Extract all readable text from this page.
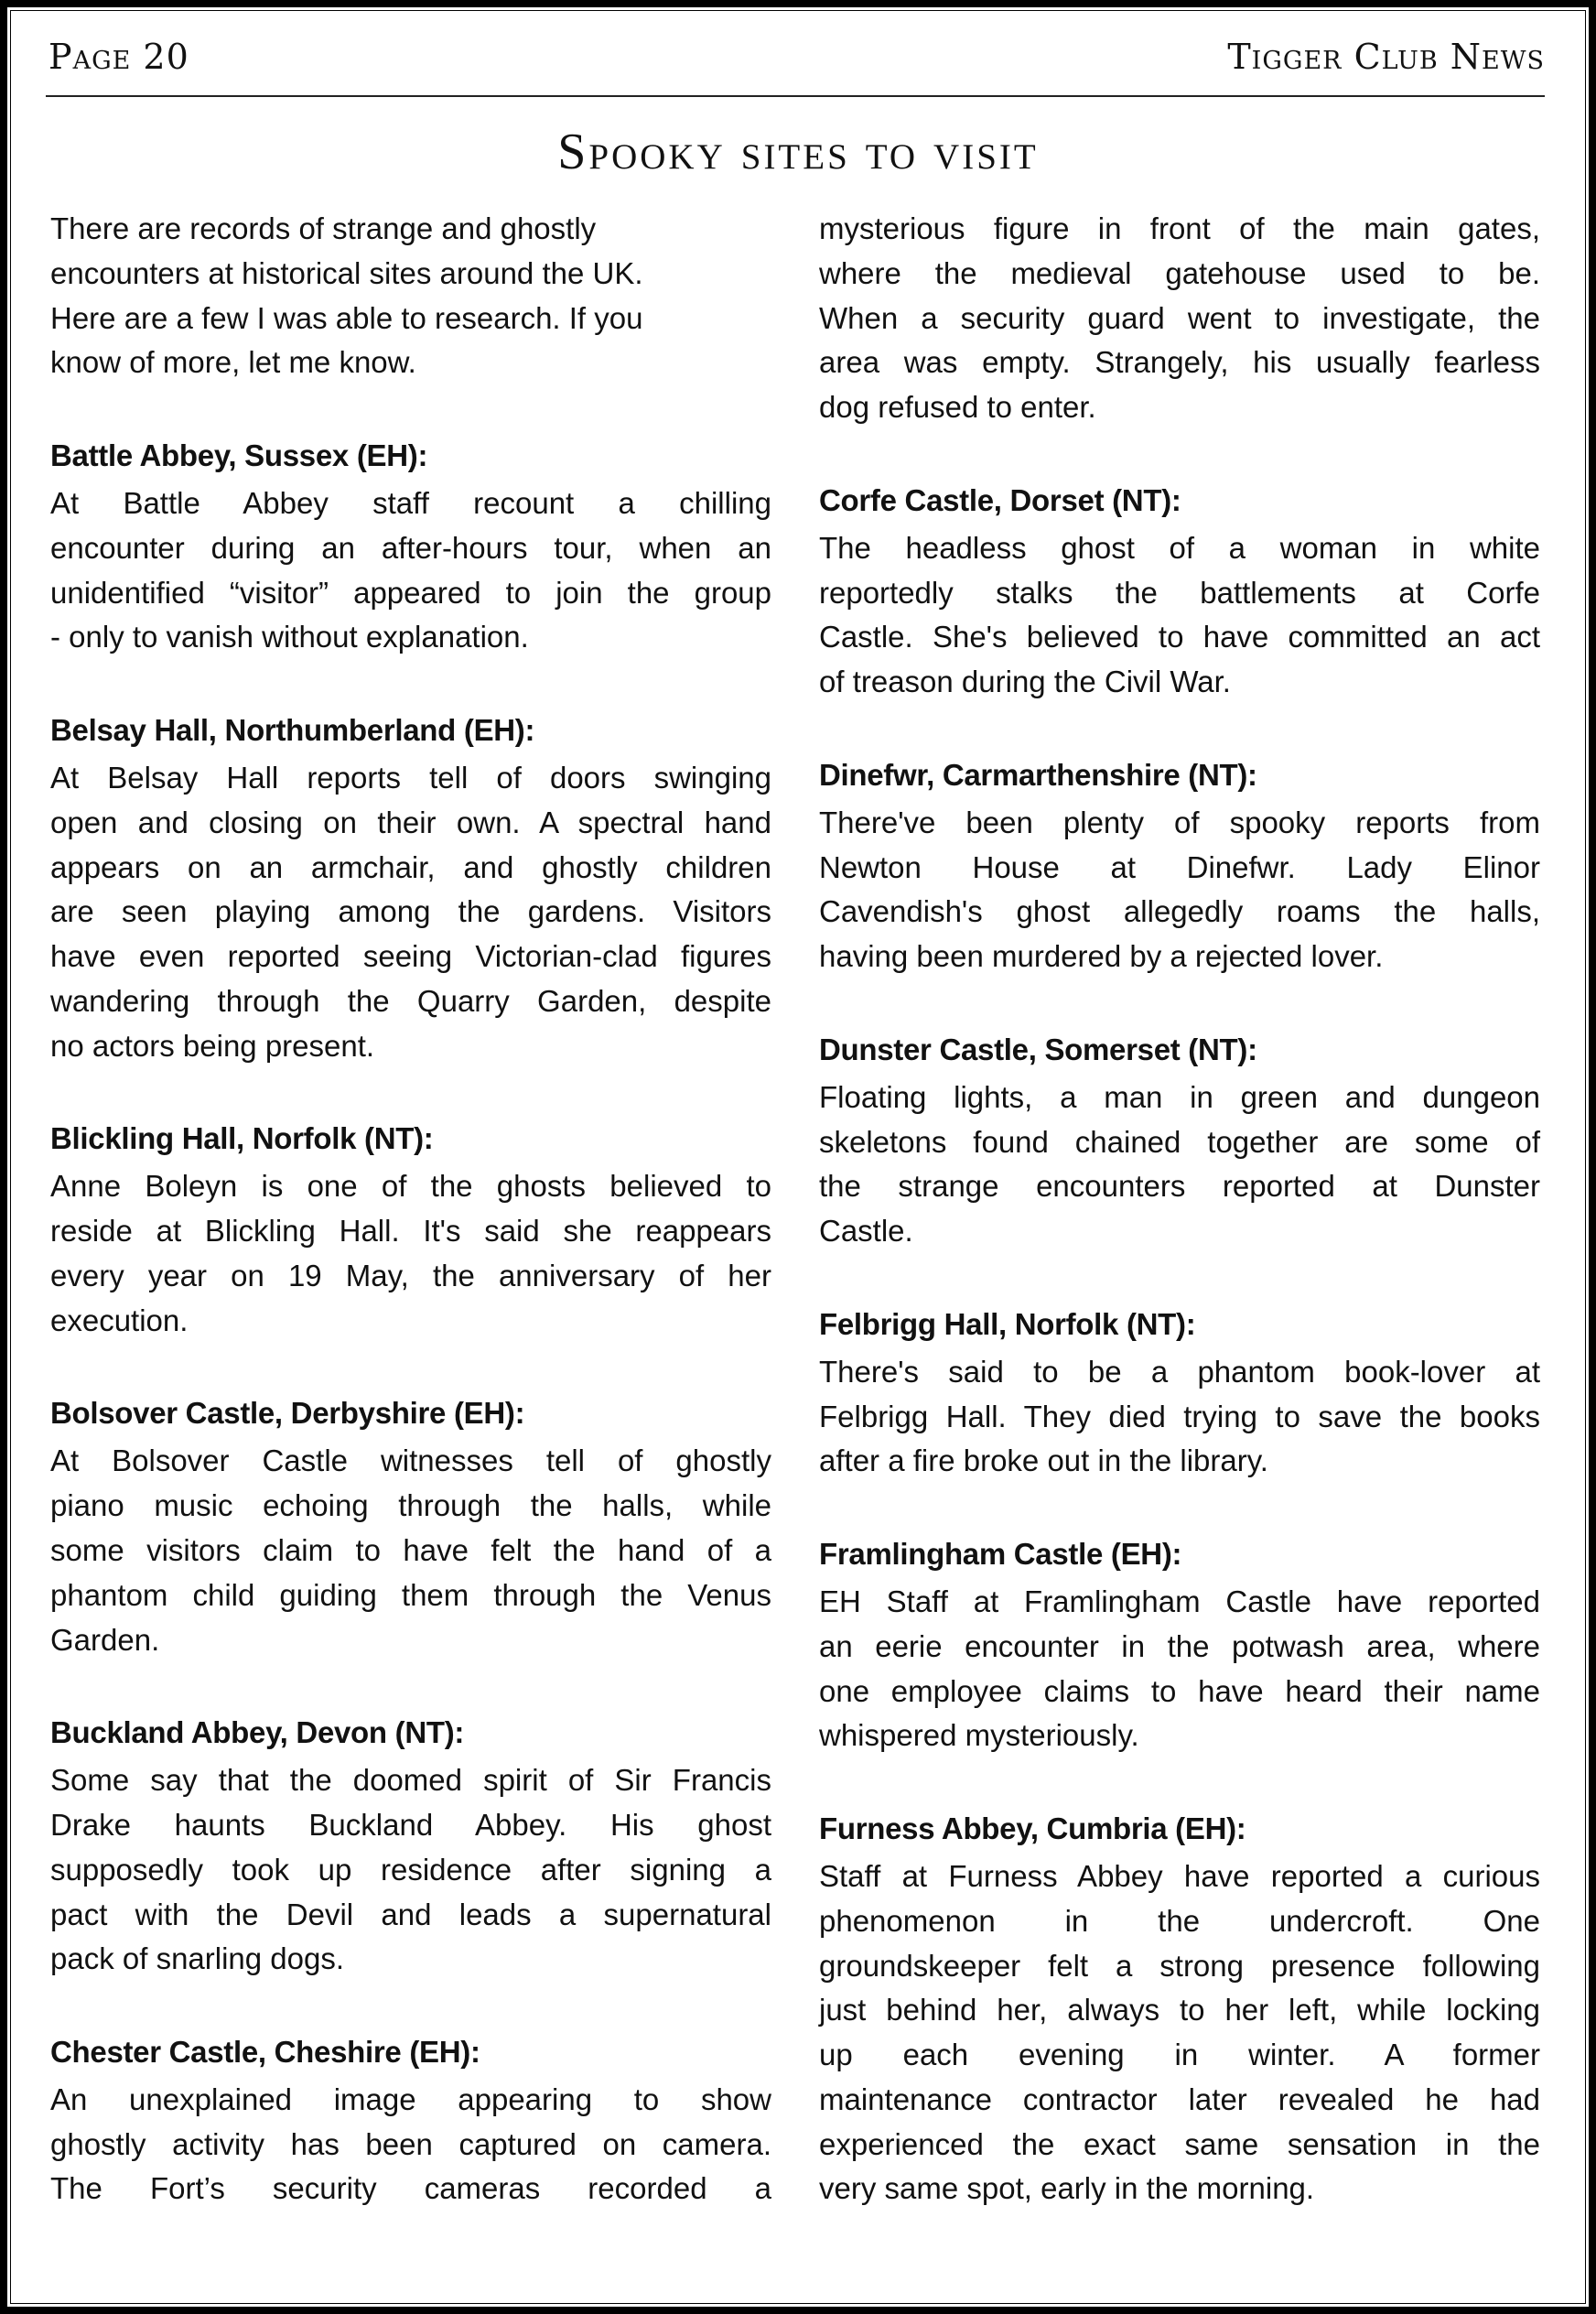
Page 20	Tigger Club News
Spooky sites to visit
There are records of strange and ghostly
encounters at historical sites around the UK.
Here are a few I was able to research. If you
know of more, let me know.
Battle Abbey, Sussex (EH):
At Battle Abbey staff recount a chilling
encounter during an after-hours tour, when an
unidentified “visitor” appeared to join the group
- only to vanish without explanation.
Belsay Hall, Northumberland (EH):
At Belsay Hall reports tell of doors swinging
open and closing on their own. A spectral hand
appears on an armchair, and ghostly children
are seen playing among the gardens. Visitors
have even reported seeing Victorian-clad figures
wandering through the Quarry Garden, despite
no actors being present.
Blickling Hall, Norfolk (NT):
Anne Boleyn is one of the ghosts believed to
reside at Blickling Hall. It's said she reappears
every year on 19 May, the anniversary of her
execution.
Bolsover Castle, Derbyshire (EH):
At Bolsover Castle witnesses tell of ghostly
piano music echoing through the halls, while
some visitors claim to have felt the hand of a
phantom child guiding them through the Venus
Garden.
Buckland Abbey, Devon (NT):
Some say that the doomed spirit of Sir Francis
Drake haunts Buckland Abbey. His ghost
supposedly took up residence after signing a
pact with the Devil and leads a supernatural
pack of snarling dogs.
Chester Castle, Cheshire (EH):
An unexplained image appearing to show
ghostly activity has been captured on camera.
The Fort’s security cameras recorded a
mysterious figure in front of the main gates,
where the medieval gatehouse used to be.
When a security guard went to investigate, the
area was empty. Strangely, his usually fearless
dog refused to enter.
Corfe Castle, Dorset (NT):
The headless ghost of a woman in white
reportedly stalks the battlements at Corfe
Castle. She's believed to have committed an act
of treason during the Civil War.
Dinefwr, Carmarthenshire (NT):
There've been plenty of spooky reports from
Newton House at Dinefwr. Lady Elinor
Cavendish's ghost allegedly roams the halls,
having been murdered by a rejected lover.
Dunster Castle, Somerset (NT):
Floating lights, a man in green and dungeon
skeletons found chained together are some of
the strange encounters reported at Dunster
Castle.
Felbrigg Hall, Norfolk (NT):
There's said to be a phantom book-lover at
Felbrigg Hall. They died trying to save the books
after a fire broke out in the library.
Framlingham Castle (EH):
EH Staff at Framlingham Castle have reported
an eerie encounter in the potwash area, where
one employee claims to have heard their name
whispered mysteriously.
Furness Abbey, Cumbria (EH):
Staff at Furness Abbey have reported a curious
phenomenon in the undercroft. One
groundskeeper felt a strong presence following
just behind her, always to her left, while locking
up each evening in winter. A former
maintenance contractor later revealed he had
experienced the exact same sensation in the
very same spot, early in the morning.
